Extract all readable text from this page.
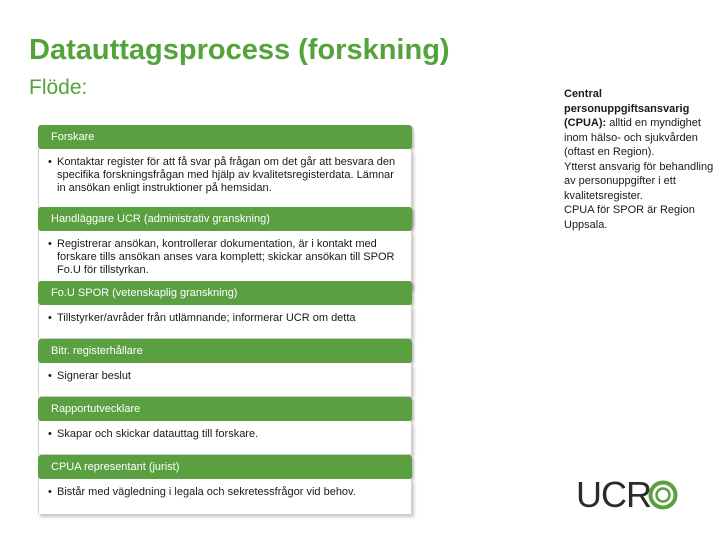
Datauttagsprocess (forskning)
Flöde:
Forskare
• Kontaktar register för att få svar på frågan om det går att besvara den specifika forskningsfrågan med hjälp av kvalitetsregisterdata. Lämnar in ansökan enligt instruktioner på hemsidan.
Handläggare UCR (administrativ granskning)
• Registrerar ansökan, kontrollerar dokumentation, är i kontakt med forskare tills ansökan anses vara komplett; skickar ansökan till SPOR Fo.U för tillstyrkan.
Fo.U SPOR (vetenskaplig granskning)
• Tillstyrker/avråder från utlämnande; informerar UCR om detta
Bitr. registerhållare
• Signerar beslut
Rapportutvecklare
• Skapar och skickar datauttag till forskare.
CPUA representant (jurist)
• Bistår med vägledning i legala och sekretessfrågor vid behov.
Central personuppgiftsansvarig (CPUA): alltid en myndighet inom hälso- och sjukvården (oftast en Region).
Ytterst ansvarig för behandling av personuppgifter i ett kvalitetsregister.
CPUA för SPOR är Region Uppsala.
UCR
